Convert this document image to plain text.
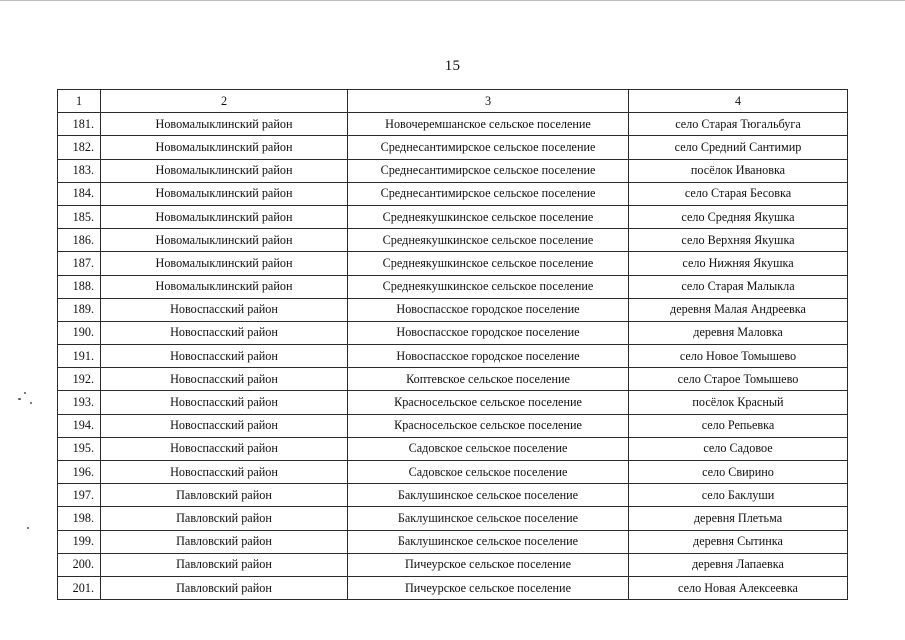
15
1	2	3	4
181.	Новомалыклинский район	Новочеремшанское сельское поселение	село Старая Тюгальбуга
182.	Новомалыклинский район	Среднесантимирское сельское поселение	село Средний Сантимир
183.	Новомалыклинский район	Среднесантимирское сельское поселение	посёлок Ивановка
184.	Новомалыклинский район	Среднесантимирское сельское поселение	село Старая Бесовка
185.	Новомалыклинский район	Среднеякушкинское сельское поселение	село Средняя Якушка
186.	Новомалыклинский район	Среднеякушкинское сельское поселение	село Верхняя Якушка
187.	Новомалыклинский район	Среднеякушкинское сельское поселение	село Нижняя Якушка
188.	Новомалыклинский район	Среднеякушкинское сельское поселение	село Старая Малыкла
189.	Новоспасский район	Новоспасское городское поселение	деревня Малая Андреевка
190.	Новоспасский район	Новоспасское городское поселение	деревня Маловка
191.	Новоспасский район	Новоспасское городское поселение	село Новое Томышево
192.	Новоспасский район	Коптевское сельское поселение	село Старое Томышево
193.	Новоспасский район	Красносельское сельское поселение	посёлок Красный
194.	Новоспасский район	Красносельское сельское поселение	село Репьевка
195.	Новоспасский район	Садовское сельское поселение	село Садовое
196.	Новоспасский район	Садовское сельское поселение	село Свирино
197.	Павловский район	Баклушинское сельское поселение	село Баклуши
198.	Павловский район	Баклушинское сельское поселение	деревня Плетьма
199.	Павловский район	Баклушинское сельское поселение	деревня Сытинка
200.	Павловский район	Пичеурское сельское поселение	деревня Лапаевка
201.	Павловский район	Пичеурское сельское поселение	село Новая Алексеевка
